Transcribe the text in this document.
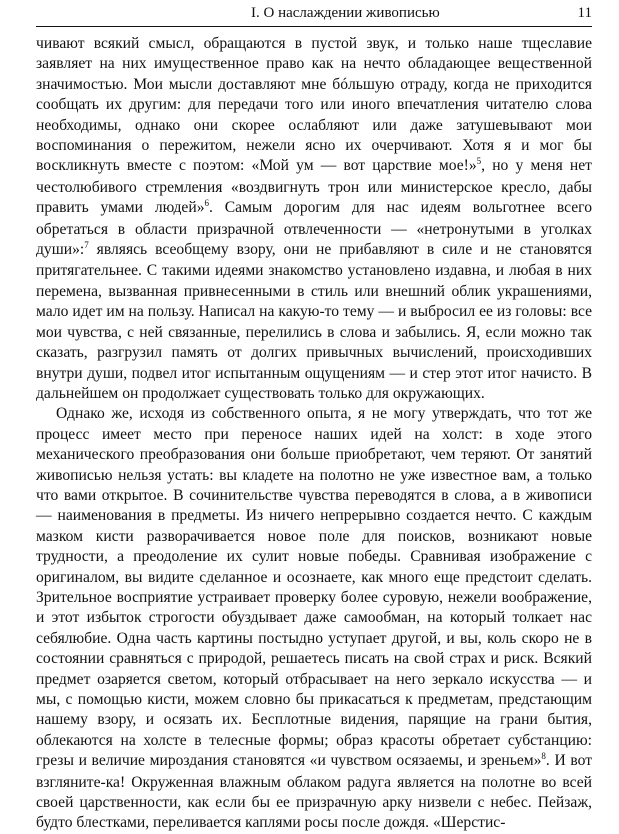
I. О наслаждении живописью	11

чивают всякий смысл, обращаются в пустой звук, и только наше тщеславие заявляет на них имущественное право как на нечто обладающее вещественной значимостью. Мои мысли доставляют мне бóльшую отраду, когда не приходится сообщать их другим: для передачи того или иного впечатления читателю слова необходимы, однако они скорее ослабляют или даже затушевывают мои воспоминания о пережитом, нежели ясно их очерчивают. Хотя я и мог бы воскликнуть вместе с поэтом: «Мой ум — вот царствие мое!»$^5$, но у меня нет честолюбивого стремления «воздвигнуть трон или министерское кресло, дабы править умами людей»$^6$. Самым дорогим для нас идеям вольготнее всего обретаться в области призрачной отвлеченности — «нетронутыми в уголках души»:$^7$ являясь всеобщему взору, они не прибавляют в силе и не становятся притягательнее. С такими идеями знакомство установлено издавна, и любая в них перемена, вызванная привнесенными в стиль или внешний облик украшениями, мало идет им на пользу. Написал на какую-то тему — и выбросил ее из головы: все мои чувства, с ней связанные, перелились в слова и забылись. Я, если можно так сказать, разгрузил память от долгих привычных вычислений, происходивших внутри души, подвел итог испытанным ощущениям — и стер этот итог начисто. В дальнейшем он продолжает существовать только для окружающих.

Однако же, исходя из собственного опыта, я не могу утверждать, что тот же процесс имеет место при переносе наших идей на холст: в ходе этого механического преобразования они больше приобретают, чем теряют. От занятий живописью нельзя устать: вы кладете на полотно не уже известное вам, а только что вами открытое. В сочинительстве чувства переводятся в слова, а в живописи — наименования в предметы. Из ничего непрерывно создается нечто. С каждым мазком кисти разворачивается новое поле для поисков, возникают новые трудности, а преодоление их сулит новые победы. Сравнивая изображение с оригиналом, вы видите сделанное и осознаете, как много еще предстоит сделать. Зрительное восприятие устраивает проверку более суровую, нежели воображение, и этот избыток строгости обуздывает даже самообман, на который толкает нас себялюбие. Одна часть картины постыдно уступает другой, и вы, коль скоро не в состоянии сравняться с природой, решаетесь писать на свой страх и риск. Всякий предмет озаряется светом, который отбрасывает на него зеркало искусства — и мы, с помощью кисти, можем словно бы прикасаться к предметам, предстающим нашему взору, и осязать их. Бесплотные видения, парящие на грани бытия, облекаются на холсте в телесные формы; образ красоты обретает субстанцию: грезы и величие мироздания становятся «и чувством осязаемы, и зреньем»$^8$. И вот взгляните-ка! Окруженная влажным облаком радуга является на полотне во всей своей царственности, как если бы ее призрачную арку низвели с небес. Пейзаж, будто блестками, переливается каплями росы после дождя. «Шерстис-
